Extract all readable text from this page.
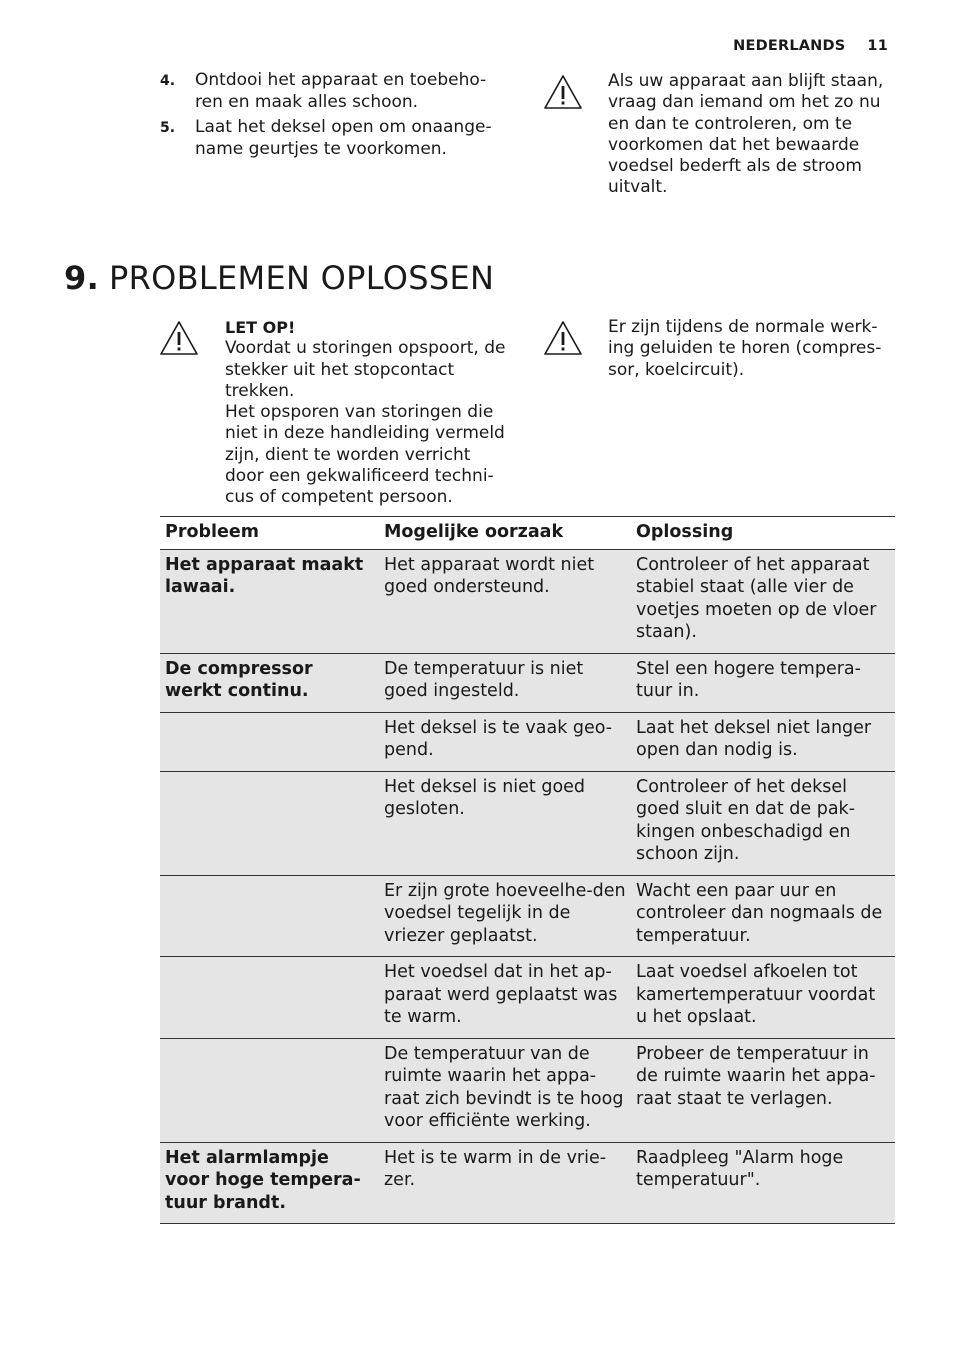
NEDERLANDS 11
4.	Ontdooi het apparaat en toebeho-ren en maak alles schoon.
5.	Laat het deksel open om onaange-name geurtjes te voorkomen.
Als uw apparaat aan blijft staan, vraag dan iemand om het zo nu en dan te controleren, om te voorkomen dat het bewaarde voedsel bederft als de stroom uitvalt.
9. PROBLEMEN OPLOSSEN
LET OP!
Voordat u storingen opspoort, de stekker uit het stopcontact trekken.
Het opsporen van storingen die niet in deze handleiding vermeld zijn, dient te worden verricht door een gekwalificeerd techni-cus of competent persoon.
Er zijn tijdens de normale werk-ing geluiden te horen (compres-sor, koelcircuit).
Probleem	Mogelijke oorzaak	Oplossing
Het apparaat maakt lawaai.	Het apparaat wordt niet goed ondersteund.	Controleer of het apparaat stabiel staat (alle vier de voetjes moeten op de vloer staan).
De compressor werkt continu.	De temperatuur is niet goed ingesteld.	Stel een hogere tempera-tuur in.
	Het deksel is te vaak geo-pend.	Laat het deksel niet langer open dan nodig is.
	Het deksel is niet goed gesloten.	Controleer of het deksel goed sluit en dat de pak-kingen onbeschadigd en schoon zijn.
	Er zijn grote hoeveelhe-den voedsel tegelijk in de vriezer geplaatst.	Wacht een paar uur en controleer dan nogmaals de temperatuur.
	Het voedsel dat in het ap-paraat werd geplaatst was te warm.	Laat voedsel afkoelen tot kamertemperatuur voordat u het opslaat.
	De temperatuur van de ruimte waarin het appa-raat zich bevindt is te hoog voor efficiënte werking.	Probeer de temperatuur in de ruimte waarin het appa-raat staat te verlagen.
Het alarmlampje voor hoge tempera-tuur brandt.	Het is te warm in de vrie-zer.	Raadpleeg "Alarm hoge temperatuur".
